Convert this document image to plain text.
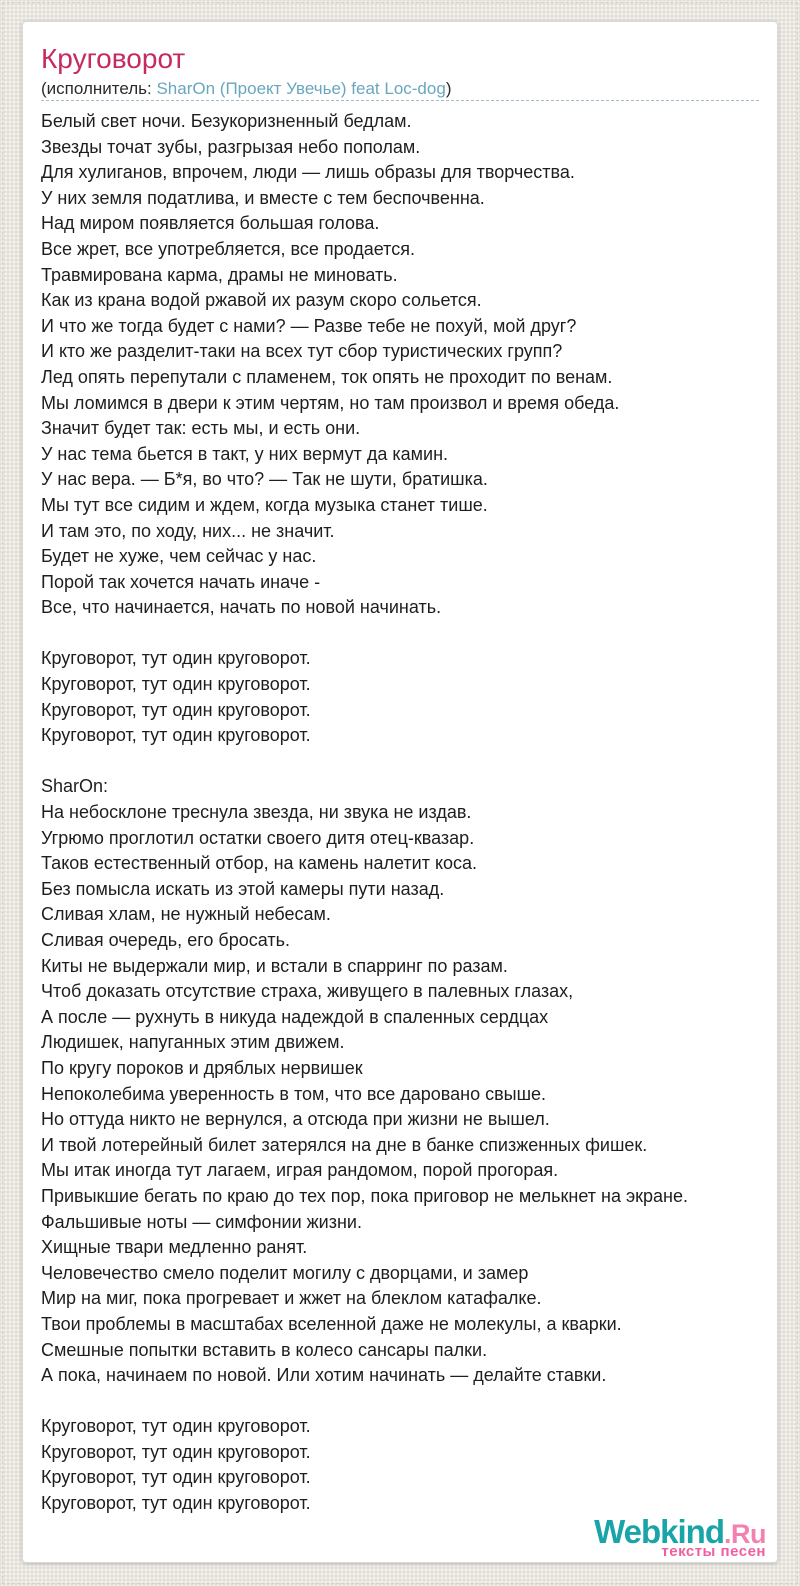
Круговорот
(исполнитель: SharOn (Проект Увечье) feat Loc-dog)
Белый свет ночи. Безукоризненный бедлам.
Звезды точат зубы, разгрызая небо пополам.
Для хулиганов, впрочем, люди — лишь образы для творчества.
У них земля податлива, и вместе с тем беспочвенна.
Над миром появляется большая голова.
Все жрет, все употребляется, все продается.
Травмирована карма, драмы не миновать.
Как из крана водой ржавой их разум скоро сольется.
И что же тогда будет с нами? — Разве тебе не похуй, мой друг?
И кто же разделит-таки на всех тут сбор туристических групп?
Лед опять перепутали с пламенем, ток опять не проходит по венам.
Мы ломимся в двери к этим чертям, но там произвол и время обеда.
Значит будет так: есть мы, и есть они.
У нас тема бьется в такт, у них вермут да камин.
У нас вера. — Б*я, во что? — Так не шути, братишка.
Мы тут все сидим и ждем, когда музыка станет тише.
И там это, по ходу, них... не значит.
Будет не хуже, чем сейчас у нас.
Порой так хочется начать иначе -
Все, что начинается, начать по новой начинать.
Круговорот, тут один круговорот.
Круговорот, тут один круговорот.
Круговорот, тут один круговорот.
Круговорот, тут один круговорот.
SharOn:
На небосклоне треснула звезда, ни звука не издав.
Угрюмо проглотил остатки своего дитя отец-квазар.
Таков естественный отбор, на камень налетит коса.
Без помысла искать из этой камеры пути назад.
Сливая хлам, не нужный небесам.
Сливая очередь, его бросать.
Киты не выдержали мир, и встали в спарринг по разам.
Чтоб доказать отсутствие страха, живущего в палевных глазах,
А после — рухнуть в никуда надеждой в спаленных сердцах
Людишек, напуганных этим движем.
По кругу пороков и дряблых нервишек
Непоколебима уверенность в том, что все даровано свыше.
Но оттуда никто не вернулся, а отсюда при жизни не вышел.
И твой лотерейный билет затерялся на дне в банке спизженных фишек.
Мы итак иногда тут лагаем, играя рандомом, порой прогорая.
Привыкшие бегать по краю до тех пор, пока приговор не мелькнет на экране.
Фальшивые ноты — симфонии жизни.
Хищные твари медленно ранят.
Человечество смело поделит могилу с дворцами, и замер
Мир на миг, пока прогревает и жжет на блеклом катафалке.
Твои проблемы в масштабах вселенной даже не молекулы, а кварки.
Смешные попытки вставить в колесо сансары палки.
А пока, начинаем по новой. Или хотим начинать — делайте ставки.
Круговорот, тут один круговорот.
Круговорот, тут один круговорот.
Круговорот, тут один круговорот.
Круговорот, тут один круговорот.
Webkind.Ru
тексты песен
